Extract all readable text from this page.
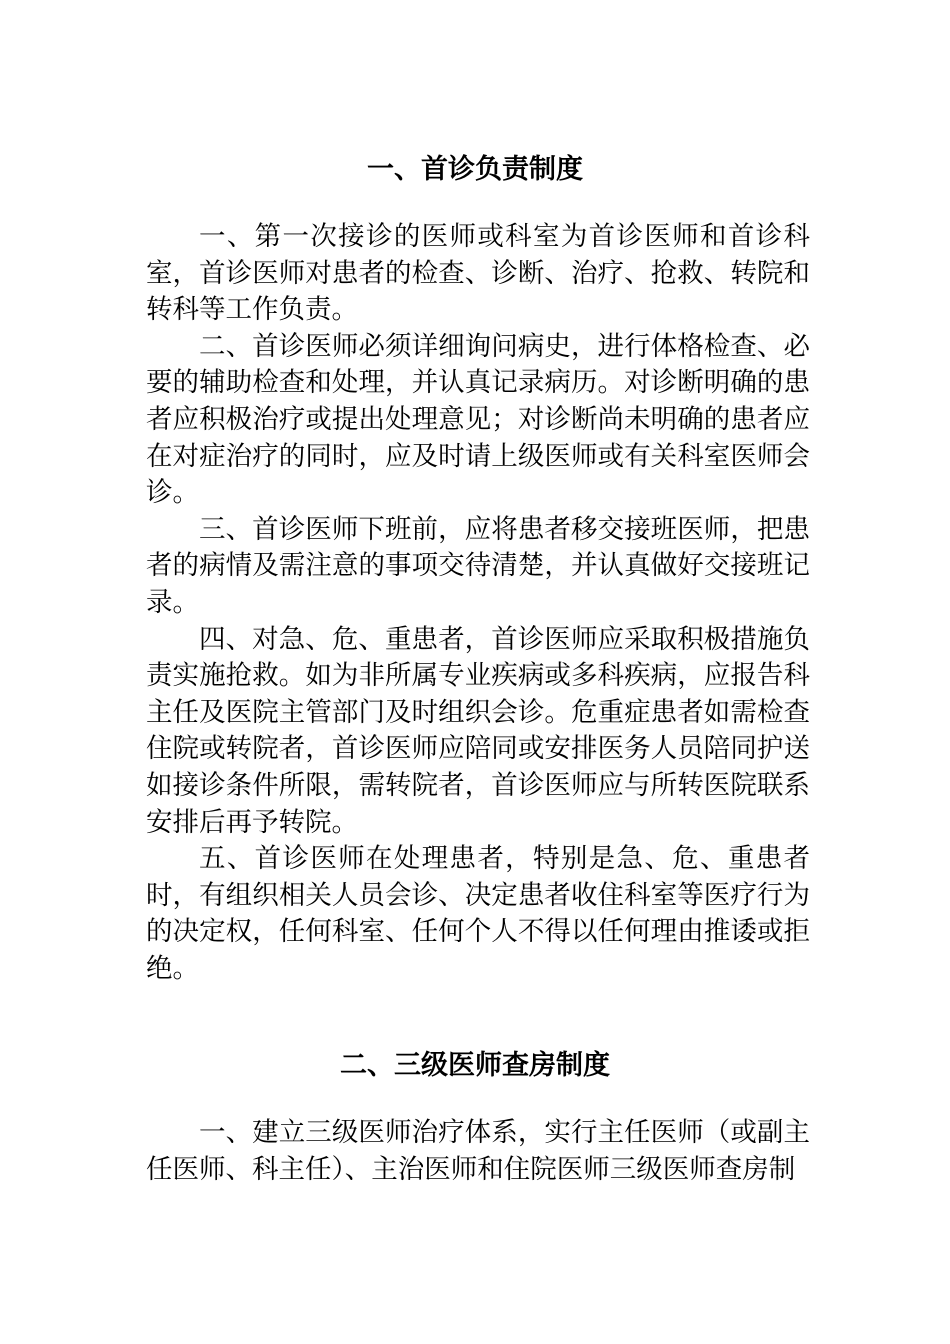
一、首诊负责制度

一、第一次接诊的医师或科室为首诊医师和首诊科室，首诊医师对患者的检查、诊断、治疗、抢救、转院和转科等工作负责。

二、首诊医师必须详细询问病史，进行体格检查、必要的辅助检查和处理，并认真记录病历。对诊断明确的患者应积极治疗或提出处理意见；对诊断尚未明确的患者应在对症治疗的同时，应及时请上级医师或有关科室医师会诊。

三、首诊医师下班前，应将患者移交接班医师，把患者的病情及需注意的事项交待清楚，并认真做好交接班记录。

四、对急、危、重患者，首诊医师应采取积极措施负责实施抢救。如为非所属专业疾病或多科疾病，应报告科主任及医院主管部门及时组织会诊。危重症患者如需检查住院或转院者，首诊医师应陪同或安排医务人员陪同护送如接诊条件所限，需转院者，首诊医师应与所转医院联系安排后再予转院。

五、首诊医师在处理患者，特别是急、危、重患者时，有组织相关人员会诊、决定患者收住科室等医疗行为的决定权，任何科室、任何个人不得以任何理由推诿或拒绝。

二、三级医师查房制度

一、建立三级医师治疗体系，实行主任医师（或副主任医师、科主任）、主治医师和住院医师三级医师查房制
